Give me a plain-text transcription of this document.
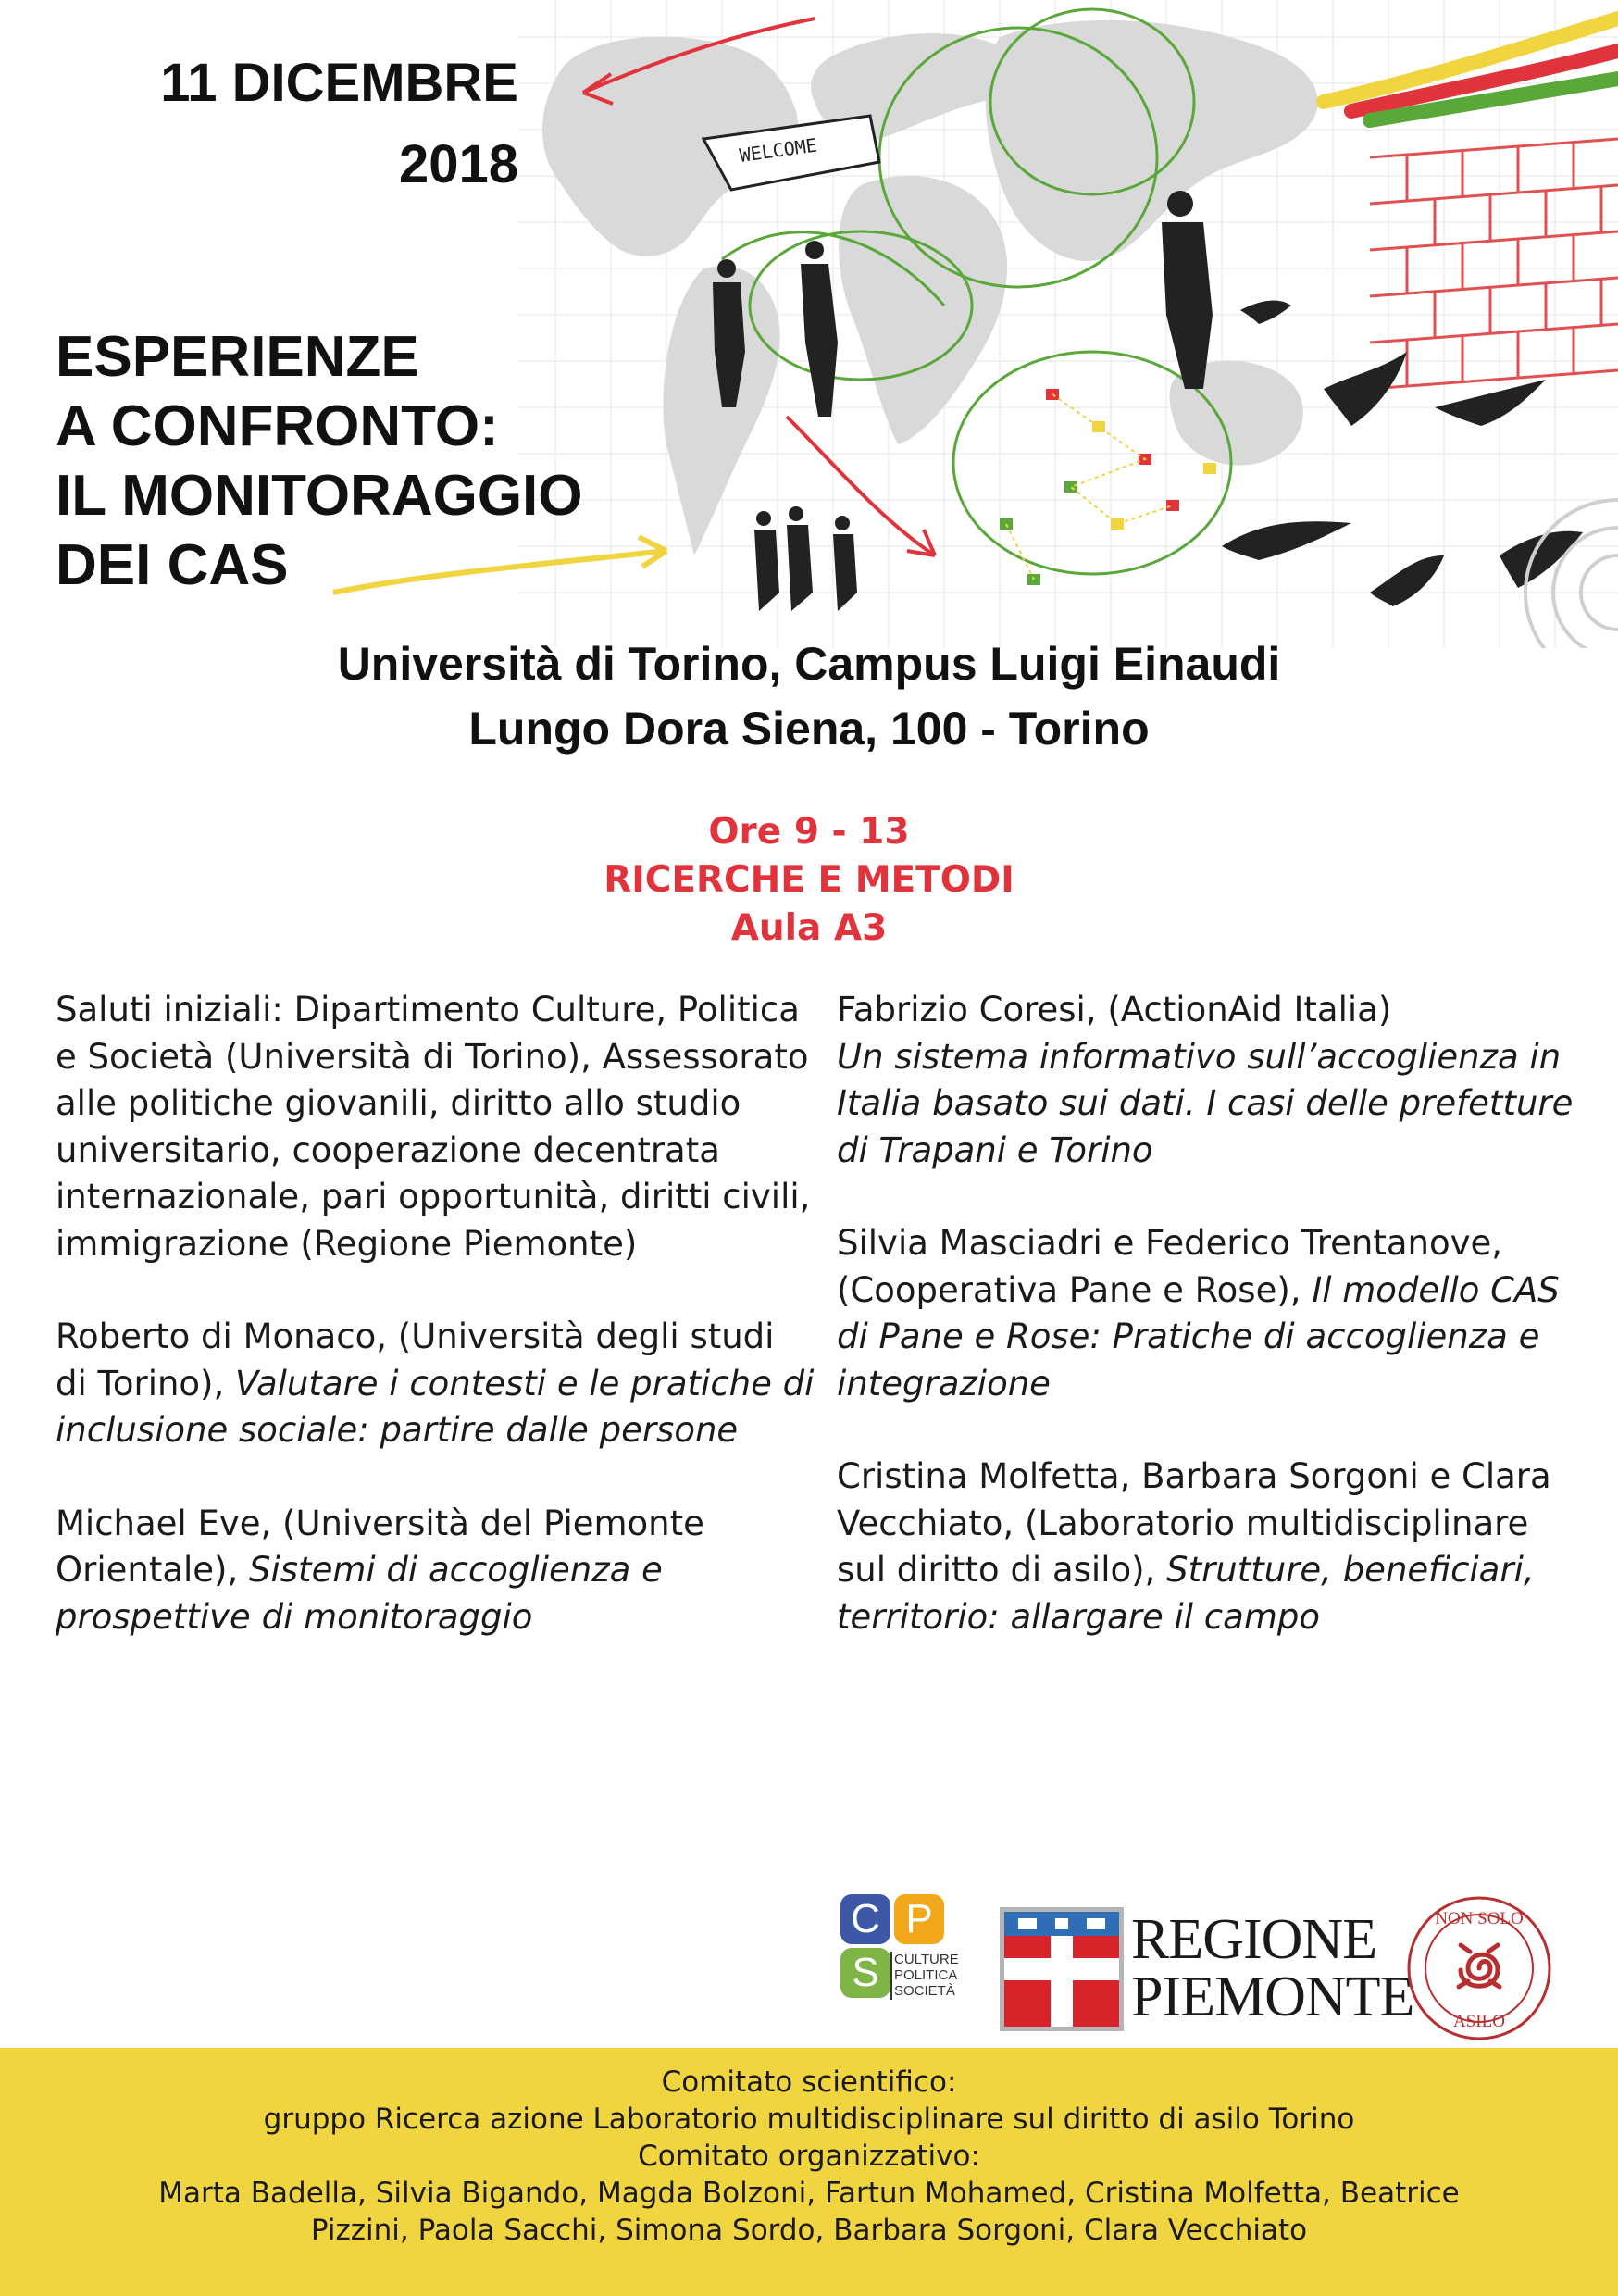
WELCOME
11 DICEMBRE
2018
ESPERIENZE
A CONFRONTO:
IL MONITORAGGIO
DEI CAS
Università di Torino, Campus Luigi Einaudi
Lungo Dora Siena, 100 - Torino
Ore 9 - 13
RICERCHE E METODI
Aula A3

Saluti iniziali: Dipartimento Culture, Politica e Società (Università di Torino), Assessorato alle politiche giovanili, diritto allo studio universitario, cooperazione decentrata internazionale, pari opportunità, diritti civili, immigrazione (Regione Piemonte)

Roberto di Monaco, (Università degli studi di Torino), Valutare i contesti e le pratiche di inclusione sociale: partire dalle persone

Michael Eve, (Università del Piemonte Orientale), Sistemi di accoglienza e prospettive di monitoraggio

Fabrizio Coresi, (ActionAid Italia)
Un sistema informativo sull’accoglienza in Italia basato sui dati. I casi delle prefetture di Trapani e Torino

Silvia Masciadri e Federico Trentanove, (Cooperativa Pane e Rose), Il modello CAS di Pane e Rose: Pratiche di accoglienza e integrazione

Cristina Molfetta, Barbara Sorgoni e Clara Vecchiato, (Laboratorio multidisciplinare sul diritto di asilo), Strutture, beneficiari, territorio: allargare il campo

C P
S	CULTURE
POLITICA
SOCIETÀ
REGIONE
PIEMONTE
NON SOLO
ASILO
Comitato scientifico:
gruppo Ricerca azione Laboratorio multidisciplinare sul diritto di asilo Torino
Comitato organizzativo:
Marta Badella, Silvia Bigando, Magda Bolzoni, Fartun Mohamed, Cristina Molfetta, Beatrice
Pizzini, Paola Sacchi, Simona Sordo, Barbara Sorgoni, Clara Vecchiato
